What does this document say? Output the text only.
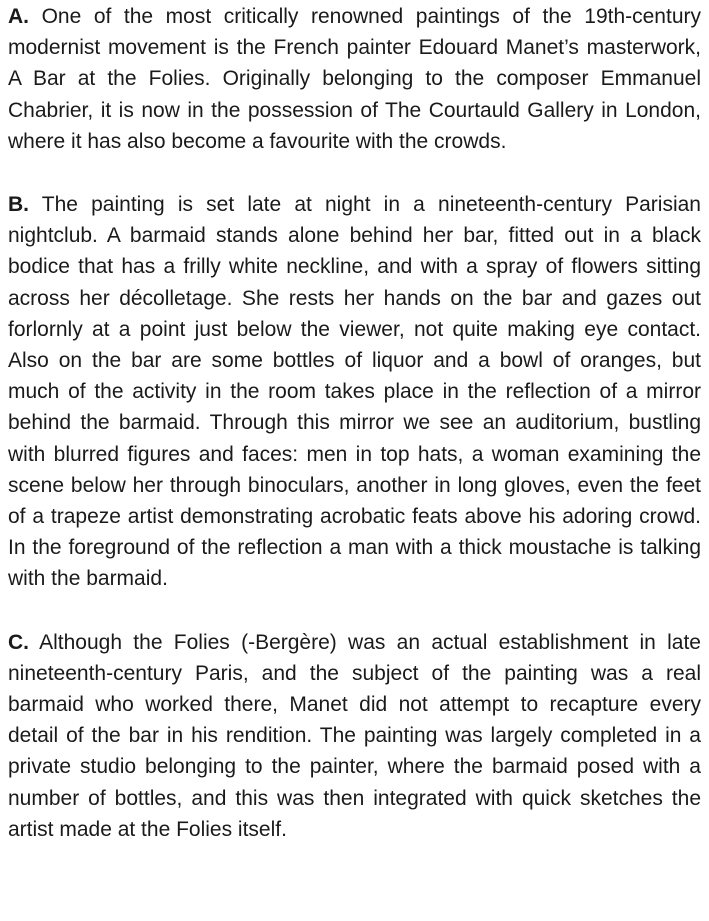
A. One of the most critically renowned paintings of the 19th-century modernist movement is the French painter Edouard Manet’s masterwork, A Bar at the Folies. Originally belonging to the composer Emmanuel Chabrier, it is now in the possession of The Courtauld Gallery in London, where it has also become a favourite with the crowds.

B. The painting is set late at night in a nineteenth-century Parisian nightclub. A barmaid stands alone behind her bar, fitted out in a black bodice that has a frilly white neckline, and with a spray of flowers sitting across her décolletage. She rests her hands on the bar and gazes out forlornly at a point just below the viewer, not quite making eye contact. Also on the bar are some bottles of liquor and a bowl of oranges, but much of the activity in the room takes place in the reflection of a mirror behind the barmaid. Through this mirror we see an auditorium, bustling with blurred figures and faces: men in top hats, a woman examining the scene below her through binoculars, another in long gloves, even the feet of a trapeze artist demonstrating acrobatic feats above his adoring crowd. In the foreground of the reflection a man with a thick moustache is talking with the barmaid.

C. Although the Folies (-Bergère) was an actual establishment in late nineteenth-century Paris, and the subject of the painting was a real barmaid who worked there, Manet did not attempt to recapture every detail of the bar in his rendition. The painting was largely completed in a private studio belonging to the painter, where the barmaid posed with a number of bottles, and this was then integrated with quick sketches the artist made at the Folies itself.
